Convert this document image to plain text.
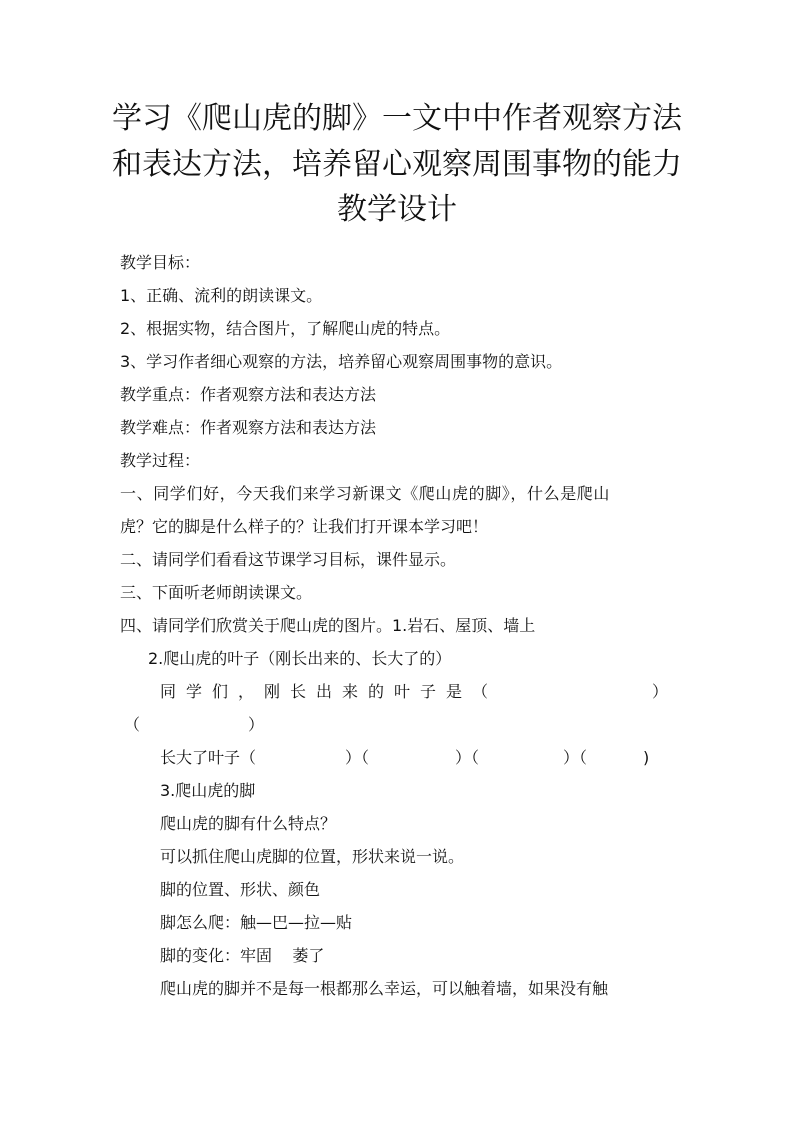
学习《爬山虎的脚》一文中中作者观察方法
和表达方法，培养留心观察周围事物的能力
教学设计
教学目标：
1、正确、流利的朗读课文。
2、根据实物，结合图片，了解爬山虎的特点。
3、学习作者细心观察的方法，培养留心观察周围事物的意识。
教学重点：作者观察方法和表达方法
教学难点：作者观察方法和表达方法
教学过程：
一、同学们好，今天我们来学习新课文《爬山虎的脚》，什么是爬山
虎？它的脚是什么样子的？让我们打开课本学习吧！
二、请同学们看看这节课学习目标，课件显示。
三、下面听老师朗读课文。
四、请同学们欣赏关于爬山虎的图片。1.岩石、屋顶、墙上
2.爬山虎的叶子（刚长出来的、长大了的）
同学们，刚长出来的叶子是（	）
（	）
长大了叶子（	）（	）（	）（	)
3.爬山虎的脚
爬山虎的脚有什么特点？
可以抓住爬山虎脚的位置，形状来说一说。
脚的位置、形状、颜色
脚怎么爬：触—巴—拉—贴
脚的变化：牢固    萎了
爬山虎的脚并不是每一根都那么幸运，可以触着墙，如果没有触
